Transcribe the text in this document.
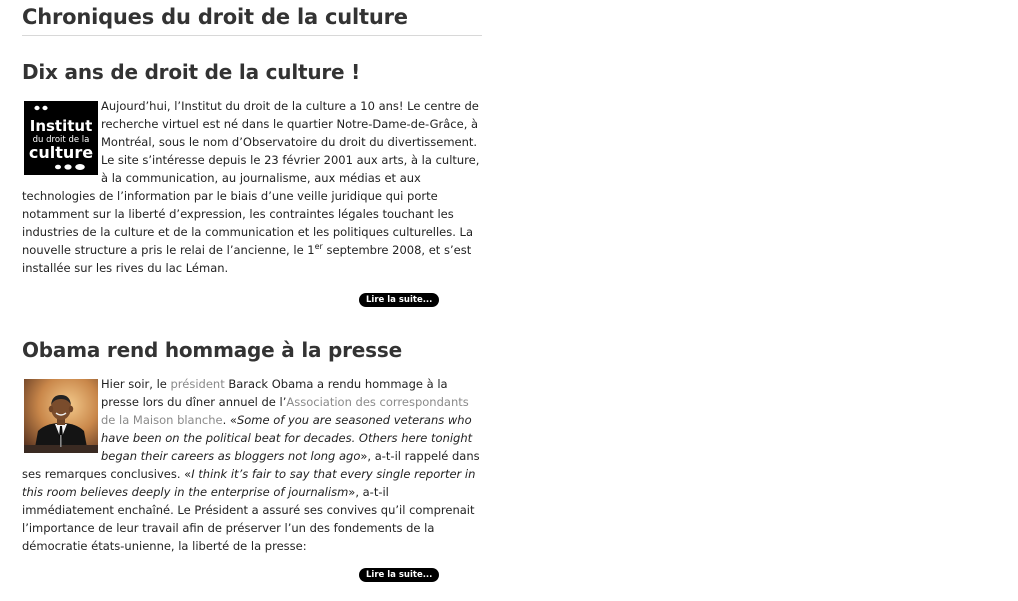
Chroniques du droit de la culture
Dix ans de droit de la culture !
Institut
du droit de la
culture
Aujourd’hui, l’Institut du droit de la culture a 10 ans! Le centre de recherche virtuel est né dans le quartier Notre-Dame-de-Grâce, à Montréal, sous le nom d’Observatoire du droit du divertissement. Le site s’intéresse depuis le 23 février 2001 aux arts, à la culture, à la communication, au journalisme, aux médias et aux technologies de l’information par le biais d’une veille juridique qui porte notamment sur la liberté d’expression, les contraintes légales touchant les industries de la culture et de la communication et les politiques culturelles. La nouvelle structure a pris le relai de l’ancienne, le 1er septembre 2008, et s’est installée sur les rives du lac Léman.
Lire la suite...
Obama rend hommage à la presse
Hier soir, le président Barack Obama a rendu hommage à la presse lors du dîner annuel de l’Association des correspondants de la Maison blanche. «Some of you are seasoned veterans who have been on the political beat for decades. Others here tonight began their careers as bloggers not long ago», a-t-il rappelé dans ses remarques conclusives. «I think it’s fair to say that every single reporter in this room believes deeply in the enterprise of journalism», a-t-il immédiatement enchaîné. Le Président a assuré ses convives qu’il comprenait l’importance de leur travail afin de préserver l’un des fondements de la démocratie états-unienne, la liberté de la presse:
Lire la suite...
